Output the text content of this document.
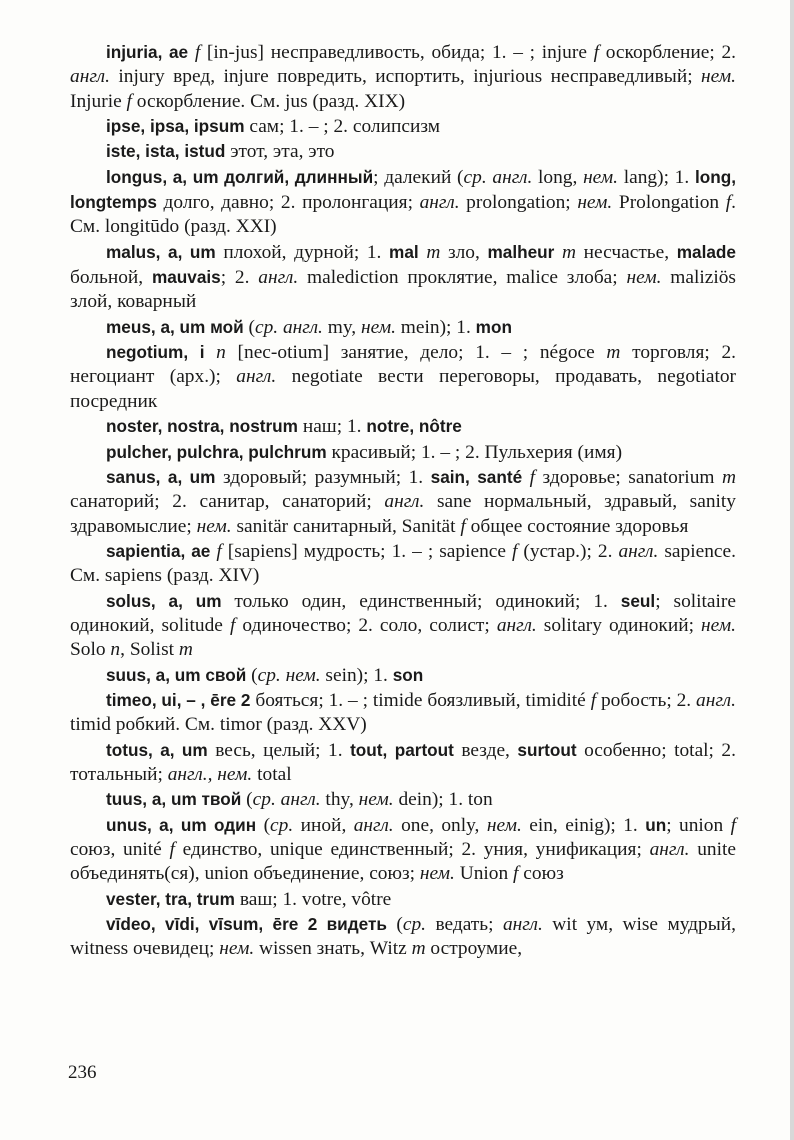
injuria, ae f [in-jus] несправедливость, обида; 1. – ; injure f оскорбление; 2. англ. injury вред, injure повредить, испортить, injurious несправедливый; нем. Injurie f оскорбление. См. jus (разд. XIX)

ipse, ipsa, ipsum сам; 1. – ; 2. солипсизм

iste, ista, istud этот, эта, это

longus, a, um долгий, длинный; далекий (ср. англ. long, нем. lang); 1. long, longtemps долго, давно; 2. пролонгация; англ. prolongation; нем. Prolongation f. См. longitūdo (разд. XXI)

malus, a, um плохой, дурной; 1. mal m зло, malheur m несчастье, malade больной, mauvais; 2. англ. malediction проклятие, malice злоба; нем. maliziös злой, коварный

meus, a, um мой (ср. англ. my, нем. mein); 1. mon

negotium, i n [nec-otium] занятие, дело; 1. – ; négoce m торговля; 2. негоциант (арх.); англ. negotiate вести переговоры, продавать, negotiator посредник

noster, nostra, nostrum наш; 1. notre, nôtre

pulcher, pulchra, pulchrum красивый; 1. – ; 2. Пульхерия (имя)

sanus, a, um здоровый; разумный; 1. sain, santé f здоровье; sanatorium m санаторий; 2. санитар, санаторий; англ. sane нормальный, здравый, sanity здравомыслие; нем. sanitär санитарный, Sanität f общее состояние здоровья

sapientia, ae f [sapiens] мудрость; 1. – ; sapience f (устар.); 2. англ. sapience. См. sapiens (разд. XIV)

solus, a, um только один, единственный; одинокий; 1. seul; solitaire одинокий, solitude f одиночество; 2. соло, солист; англ. solitary одинокий; нем. Solo n, Solist m

suus, a, um свой (ср. нем. sein); 1. son

timeo, ui, – , ēre 2 бояться; 1. – ; timide боязливый, timidité f робость; 2. англ. timid робкий. См. timor (разд. XXV)

totus, a, um весь, целый; 1. tout, partout везде, surtout особенно; total; 2. тотальный; англ., нем. total

tuus, a, um твой (ср. англ. thy, нем. dein); 1. ton

unus, a, um один (ср. иной, англ. one, only, нем. ein, einig); 1. un; union f союз, unité f единство, unique единственный; 2. уния, унификация; англ. unite объединять(ся), union объединение, союз; нем. Union f союз

vester, tra, trum ваш; 1. votre, vôtre

vīdeo, vīdi, vīsum, ēre 2 видеть (ср. ведать; англ. wit ум, wise мудрый, witness очевидец; нем. wissen знать, Witz m остроумие,

236
